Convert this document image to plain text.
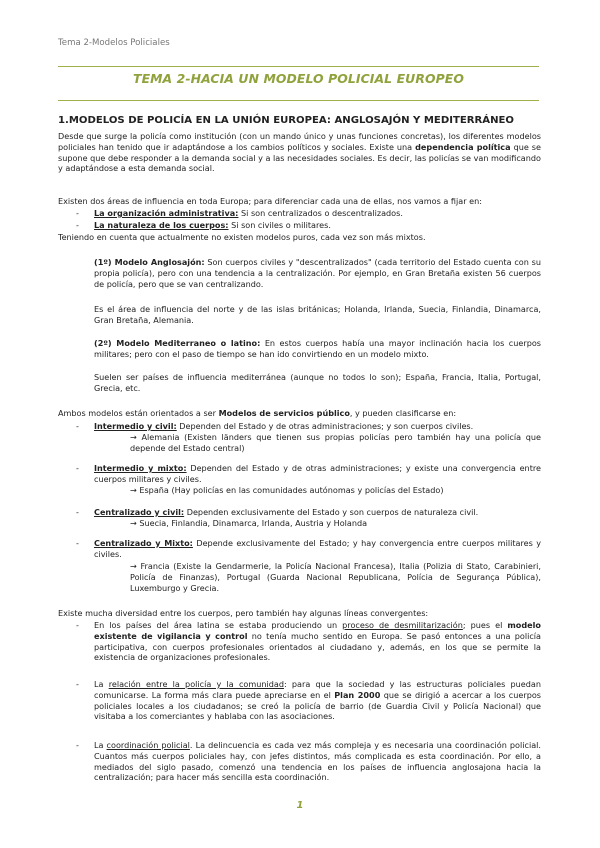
Tema 2-Modelos Policiales
TEMA 2-HACIA UN MODELO POLICIAL EUROPEO
1.MODELOS DE POLICÍA EN LA UNIÓN EUROPEA: ANGLOSAJÓN Y MEDITERRÁNEO
Desde que surge la policía como institución (con un mando único y unas funciones concretas), los diferentes modelos policiales han tenido que ir adaptándose a los cambios políticos y sociales. Existe una dependencia política que se supone que debe responder a la demanda social y a las necesidades sociales. Es decir, las policías se van modificando y adaptándose a esta demanda social.
Existen dos áreas de influencia en toda Europa; para diferenciar cada una de ellas, nos vamos a fijar en:
- La organización administrativa: Si son centralizados o descentralizados.
- La naturaleza de los cuerpos: Si son civiles o militares.
Teniendo en cuenta que actualmente no existen modelos puros, cada vez son más mixtos.
(1º) Modelo Anglosajón: Son cuerpos civiles y "descentralizados" (cada territorio del Estado cuenta con su propia policía), pero con una tendencia a la centralización. Por ejemplo, en Gran Bretaña existen 56 cuerpos de policía, pero que se van centralizando.
Es el área de influencia del norte y de las islas británicas; Holanda, Irlanda, Suecia, Finlandia, Dinamarca, Gran Bretaña, Alemania.
(2º) Modelo Mediterraneo o latino: En estos cuerpos había una mayor inclinación hacia los cuerpos militares; pero con el paso de tiempo se han ido convirtiendo en un modelo mixto.
Suelen ser países de influencia mediterránea (aunque no todos lo son); España, Francia, Italia, Portugal, Grecia, etc.
Ambos modelos están orientados a ser Modelos de servicios público, y pueden clasificarse en:
- Intermedio y civil: Dependen del Estado y de otras administraciones; y son cuerpos civiles.
→ Alemania (Existen länders que tienen sus propias policías pero también hay una policía que depende del Estado central)
- Intermedio y mixto: Dependen del Estado y de otras administraciones; y existe una convergencia entre cuerpos militares y civiles.
→ España (Hay policías en las comunidades autónomas y policías del Estado)
- Centralizado y civil: Dependen exclusivamente del Estado y son cuerpos de naturaleza civil.
→ Suecia, Finlandia, Dinamarca, Irlanda, Austria y Holanda
- Centralizado y Mixto: Depende exclusivamente del Estado; y hay convergencia entre cuerpos militares y civiles.
→ Francia (Existe la Gendarmerie, la Policía Nacional Francesa), Italia (Polizia di Stato, Carabinieri, Policía de Finanzas), Portugal (Guarda Nacional Republicana, Polícia de Segurança Pública), Luxemburgo y Grecia.
Existe mucha diversidad entre los cuerpos, pero también hay algunas líneas convergentes:
- En los países del área latina se estaba produciendo un proceso de desmilitarización; pues el modelo existente de vigilancia y control no tenía mucho sentido en Europa. Se pasó entonces a una policía participativa, con cuerpos profesionales orientados al ciudadano y, además, en los que se permite la existencia de organizaciones profesionales.
- La relación entre la policía y la comunidad: para que la sociedad y las estructuras policiales puedan comunicarse. La forma más clara puede apreciarse en el Plan 2000 que se dirigió a acercar a los cuerpos policiales locales a los ciudadanos; se creó la policía de barrio (de Guardia Civil y Policía Nacional) que visitaba a los comerciantes y hablaba con las asociaciones.
- La coordinación policial. La delincuencia es cada vez más compleja y es necesaria una coordinación policial. Cuantos más cuerpos policiales hay, con jefes distintos, más complicada es esta coordinación. Por ello, a mediados del siglo pasado, comenzó una tendencia en los países de influencia anglosajona hacia la centralización; para hacer más sencilla esta coordinación.
1
